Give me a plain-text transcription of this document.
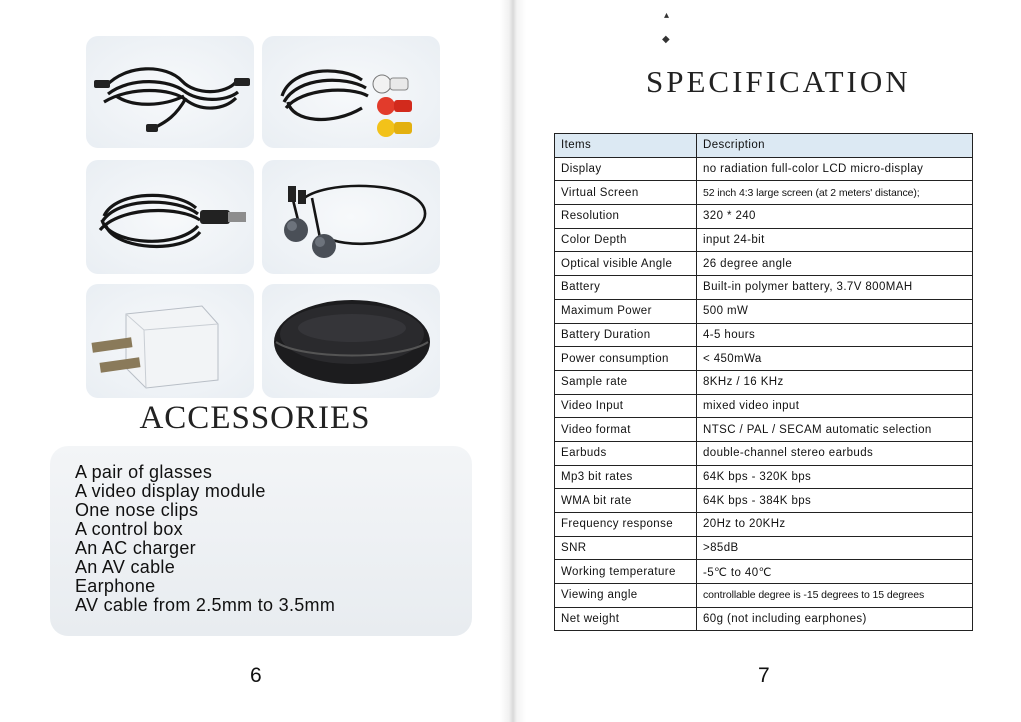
ACCESSORIES
A pair of glasses
A video display module
One nose clips
A control box
An AC charger
An AV cable
Earphone
AV cable from 2.5mm to 3.5mm
6
▴
◆
SPECIFICATION
Items	Description
Display	no radiation full-color LCD micro-display
Virtual Screen	52 inch 4:3 large screen (at 2 meters' distance);
Resolution	320 * 240
Color Depth	input 24-bit
Optical visible Angle	26 degree angle
Battery	Built-in polymer battery, 3.7V 800MAH
Maximum Power	500 mW
Battery Duration	4-5 hours
Power consumption	< 450mWa
Sample rate	8KHz / 16 KHz
Video Input	mixed video input
Video format	NTSC / PAL / SECAM automatic selection
Earbuds	double-channel stereo earbuds
Mp3 bit rates	64K bps - 320K bps
WMA bit rate	64K bps - 384K bps
Frequency response	20Hz to 20KHz
SNR	>85dB
Working temperature	-5℃ to 40℃
Viewing angle	controllable degree is -15 degrees to 15 degrees
Net weight	60g (not including earphones)
7
